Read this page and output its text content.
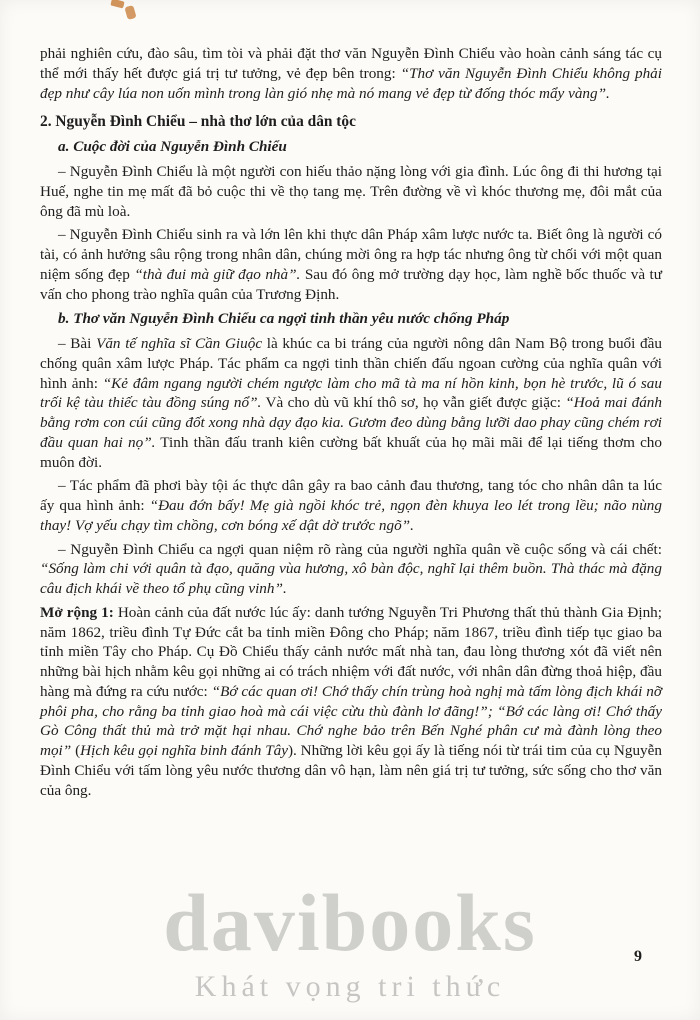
phải nghiên cứu, đào sâu, tìm tòi và phải đặt thơ văn Nguyễn Đình Chiểu vào hoàn cảnh sáng tác cụ thể mới thấy hết được giá trị tư tưởng, vẻ đẹp bên trong: “Thơ văn Nguyễn Đình Chiểu không phải đẹp như cây lúa non uốn mình trong làn gió nhẹ mà nó mang vẻ đẹp từ đống thóc mẩy vàng”.

2. Nguyễn Đình Chiểu – nhà thơ lớn của dân tộc
a. Cuộc đời của Nguyễn Đình Chiểu

– Nguyễn Đình Chiểu là một người con hiếu thảo nặng lòng với gia đình. Lúc ông đi thi hương tại Huế, nghe tin mẹ mất đã bỏ cuộc thi về thọ tang mẹ. Trên đường về vì khóc thương mẹ, đôi mắt của ông đã mù loà.

– Nguyễn Đình Chiểu sinh ra và lớn lên khi thực dân Pháp xâm lược nước ta. Biết ông là người có tài, có ảnh hưởng sâu rộng trong nhân dân, chúng mời ông ra hợp tác nhưng ông từ chối với một quan niệm sống đẹp “thà đui mà giữ đạo nhà”. Sau đó ông mở trường dạy học, làm nghề bốc thuốc và tư vấn cho phong trào nghĩa quân của Trương Định.

b. Thơ văn Nguyễn Đình Chiểu ca ngợi tinh thần yêu nước chống Pháp

– Bài Văn tế nghĩa sĩ Cần Giuộc là khúc ca bi tráng của người nông dân Nam Bộ trong buổi đầu chống quân xâm lược Pháp. Tác phẩm ca ngợi tinh thần chiến đấu ngoan cường của nghĩa quân với hình ảnh: “Kẻ đâm ngang người chém ngược làm cho mã tà ma ní hồn kinh, bọn hè trước, lũ ó sau trối kệ tàu thiếc tàu đồng súng nổ”. Và cho dù vũ khí thô sơ, họ vẫn giết được giặc: “Hoả mai đánh bằng rơm con cúi cũng đốt xong nhà dạy đạo kia. Gươm đeo dùng bằng lưỡi dao phay cũng chém rơi đầu quan hai nọ”. Tinh thần đấu tranh kiên cường bất khuất của họ mãi mãi để lại tiếng thơm cho muôn đời.

– Tác phẩm đã phơi bày tội ác thực dân gây ra bao cảnh đau thương, tang tóc cho nhân dân ta lúc ấy qua hình ảnh: “Đau đớn bấy! Mẹ già ngồi khóc trẻ, ngọn đèn khuya leo lét trong lều; não nùng thay! Vợ yếu chạy tìm chồng, cơn bóng xế dật dờ trước ngõ”.

– Nguyễn Đình Chiểu ca ngợi quan niệm rõ ràng của người nghĩa quân về cuộc sống và cái chết: “Sống làm chi với quân tà đạo, quăng vùa hương, xô bàn độc, nghĩ lại thêm buồn. Thà thác mà đặng câu địch khái về theo tổ phụ cũng vinh”.

Mở rộng 1: Hoàn cảnh của đất nước lúc ấy: danh tướng Nguyễn Tri Phương thất thủ thành Gia Định; năm 1862, triều đình Tự Đức cắt ba tỉnh miền Đông cho Pháp; năm 1867, triều đình tiếp tục giao ba tỉnh miền Tây cho Pháp. Cụ Đồ Chiểu thấy cảnh nước mất nhà tan, đau lòng thương xót đã viết nên những bài hịch nhằm kêu gọi những ai có trách nhiệm với đất nước, với nhân dân đừng thoả hiệp, đầu hàng mà đứng ra cứu nước: “Bớ các quan ơi! Chớ thấy chín trùng hoà nghị mà tấm lòng địch khái nỡ phôi pha, cho rằng ba tỉnh giao hoà mà cái việc cừu thù đành lơ đãng!”; “Bớ các làng ơi! Chớ thấy Gò Công thất thủ mà trở mặt hại nhau. Chớ nghe bảo trên Bến Nghé phân cư mà đành lòng theo mọi” (Hịch kêu gọi nghĩa binh đánh Tây). Những lời kêu gọi ấy là tiếng nói từ trái tim của cụ Nguyễn Đình Chiểu với tấm lòng yêu nước thương dân vô hạn, làm nên giá trị tư tưởng, sức sống cho thơ văn của ông.

davibooks
Khát vọng tri thức
9
